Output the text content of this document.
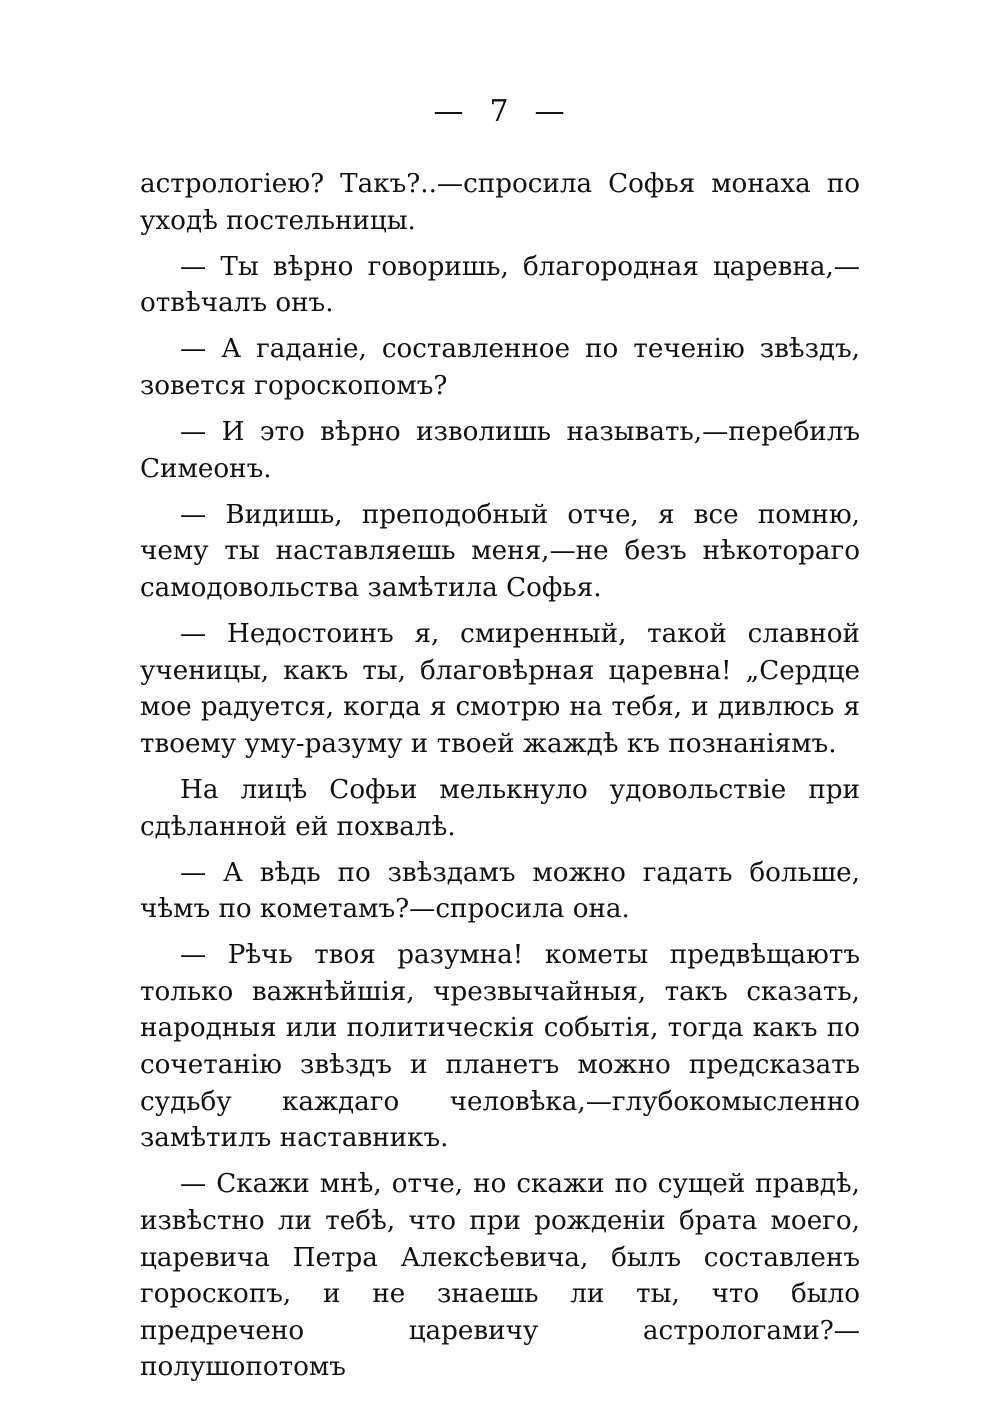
— 7 —

астрологіею? Такъ?..—спросила Софья монаха по уходѣ постельницы.

— Ты вѣрно говоришь, благородная царевна,— отвѣчалъ онъ.

— А гаданіе, составленное по теченію звѣздъ, зовется гороскопомъ?

— И это вѣрно изволишь называть,—перебилъ Симеонъ.

— Видишь, преподобный отче, я все помню, чему ты наставляешь меня,—не безъ нѣкотораго самодовольства замѣтила Софья.

— Недостоинъ я, смиренный, такой славной ученицы, какъ ты, благовѣрная царевна! „Сердце мое радуется, когда я смотрю на тебя, и дивлюсь я твоему уму-разуму и твоей жаждѣ къ познаніямъ.

На лицѣ Софьи мелькнуло удовольствіе при сдѣланной ей похвалѣ.

— А вѣдь по звѣздамъ можно гадать больше, чѣмъ по кометамъ?—спросила она.

— Рѣчь твоя разумна! кометы предвѣщаютъ только важнѣйшія, чрезвычайныя, такъ сказать, народныя или политическія событія, тогда какъ по сочетанію звѣздъ и планетъ можно предсказать судьбу каждаго человѣка,—глубокомысленно замѣтилъ наставникъ.

— Скажи мнѣ, отче, но скажи по сущей правдѣ, извѣстно ли тебѣ, что при рожденіи брата моего, царевича Петра Алексѣевича, былъ составленъ гороскопъ, и не знаешь ли ты, что было предречено царевичу астрологами?—полушопотомъ
